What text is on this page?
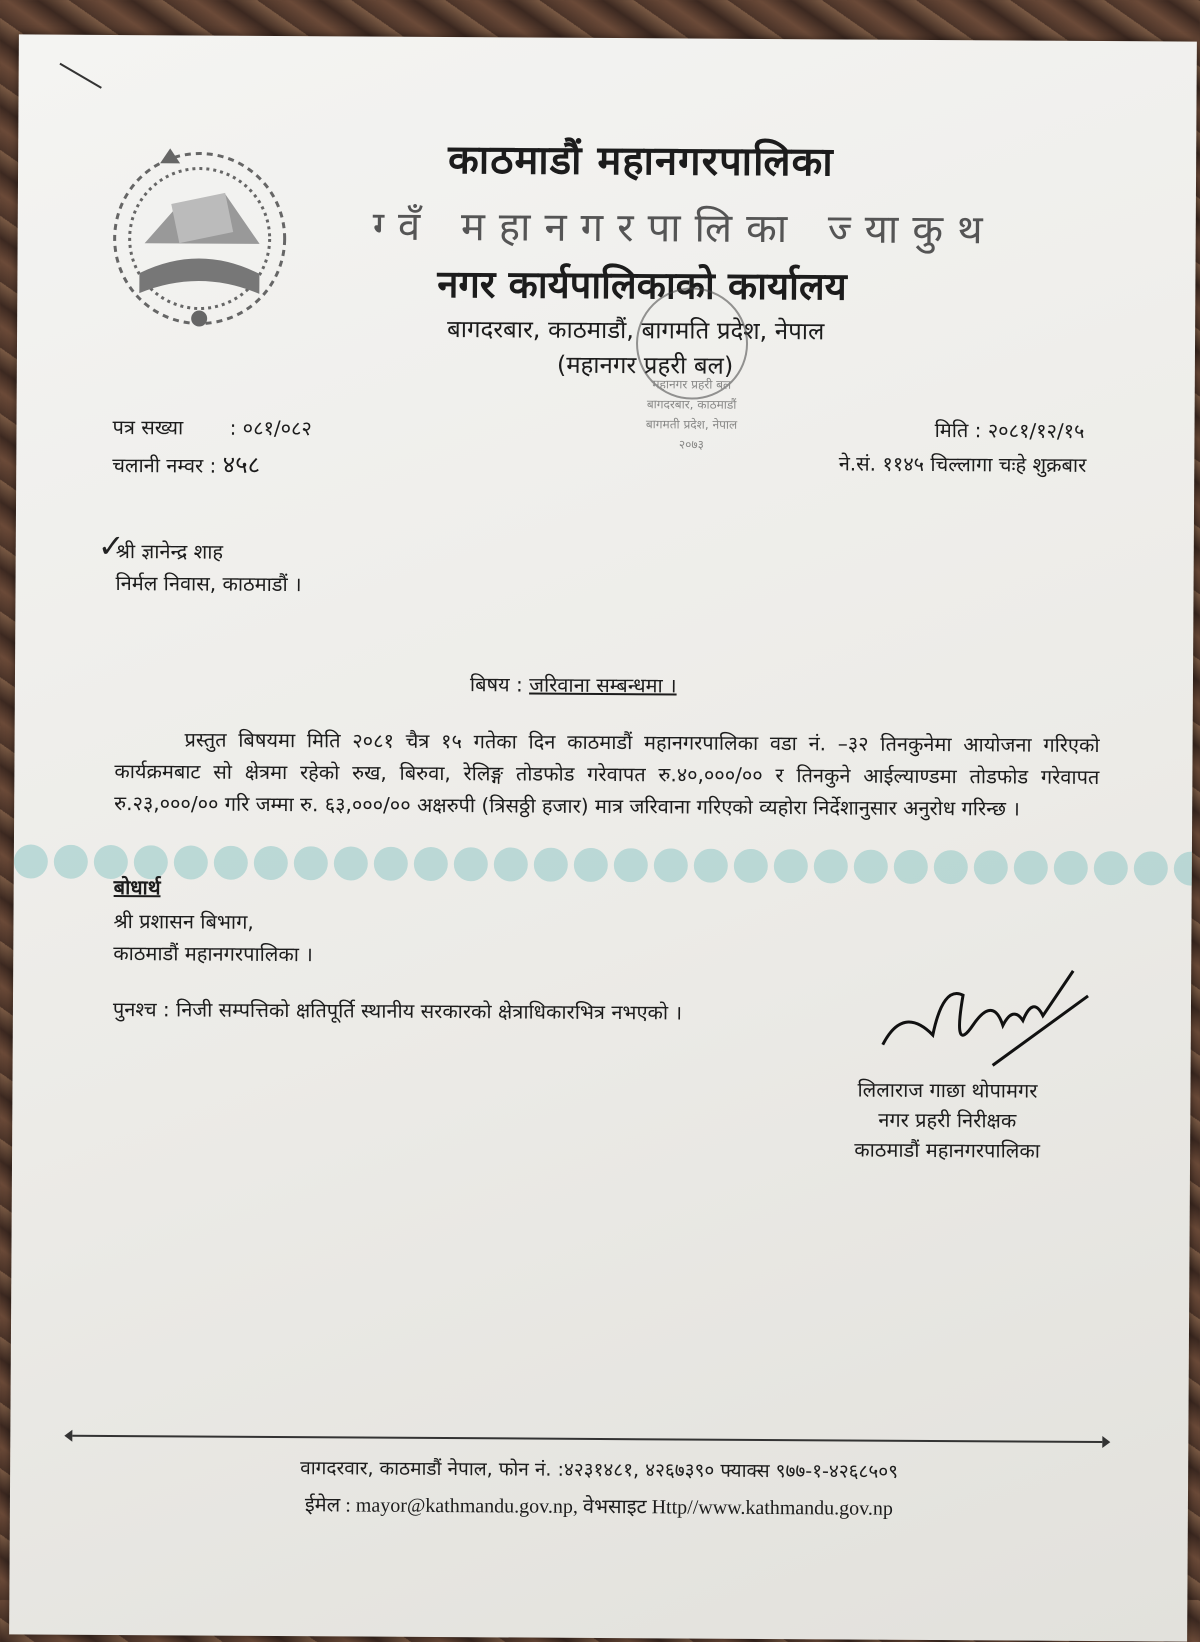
काठमाडौं महानगरपालिका
ग्वँ महानगरपालिका ज्याकुथ
नगर कार्यपालिकाको कार्यालय
बागदरबार, काठमाडौं, बागमति प्रदेश, नेपाल
(महानगर प्रहरी बल)
महानगर प्रहरी बल
बागदरबार, काठमाडौं
बागमती प्रदेश, नेपाल
२०७३
पत्र सख्या : ०८१/०८२
चलानी नम्वर : ४५८
मिति : २०८१/१२/१५
ने.सं. ११४५ चिल्लागा चःहे शुक्रबार
✓
श्री ज्ञानेन्द्र शाह
निर्मल निवास, काठमाडौं ।
बिषय : जरिवाना सम्बन्धमा ।
प्रस्तुत बिषयमा मिति २०८१ चैत्र १५ गतेका दिन काठमाडौं महानगरपालिका वडा नं. –३२ तिनकुनेमा आयोजना गरिएको कार्यक्रमबाट सो क्षेत्रमा रहेको रुख, बिरुवा, रेलिङ्ग तोडफोड गरेवापत रु.४०,०००/०० र तिनकुने आईल्याण्डमा तोडफोड गरेवापत रु.२३,०००/०० गरि जम्मा रु. ६३,०००/०० अक्षरुपी (त्रिसठ्ठी हजार) मात्र जरिवाना गरिएको व्यहोरा निर्देशानुसार अनुरोध गरिन्छ ।
बोधार्थ
श्री प्रशासन बिभाग,
काठमाडौं महानगरपालिका ।
पुनश्च : निजी सम्पत्तिको क्षतिपूर्ति स्थानीय सरकारको क्षेत्राधिकारभित्र नभएको ।
लिलाराज गाछा थोपामगर
नगर प्रहरी निरीक्षक
काठमाडौं महानगरपालिका
वागदरवार, काठमाडौं नेपाल, फोन नं. :४२३१४८१, ४२६७३९० फ्याक्स ९७७-१-४२६८५०९
ईमेल : mayor@kathmandu.gov.np, वेभसाइट Http//www.kathmandu.gov.np
